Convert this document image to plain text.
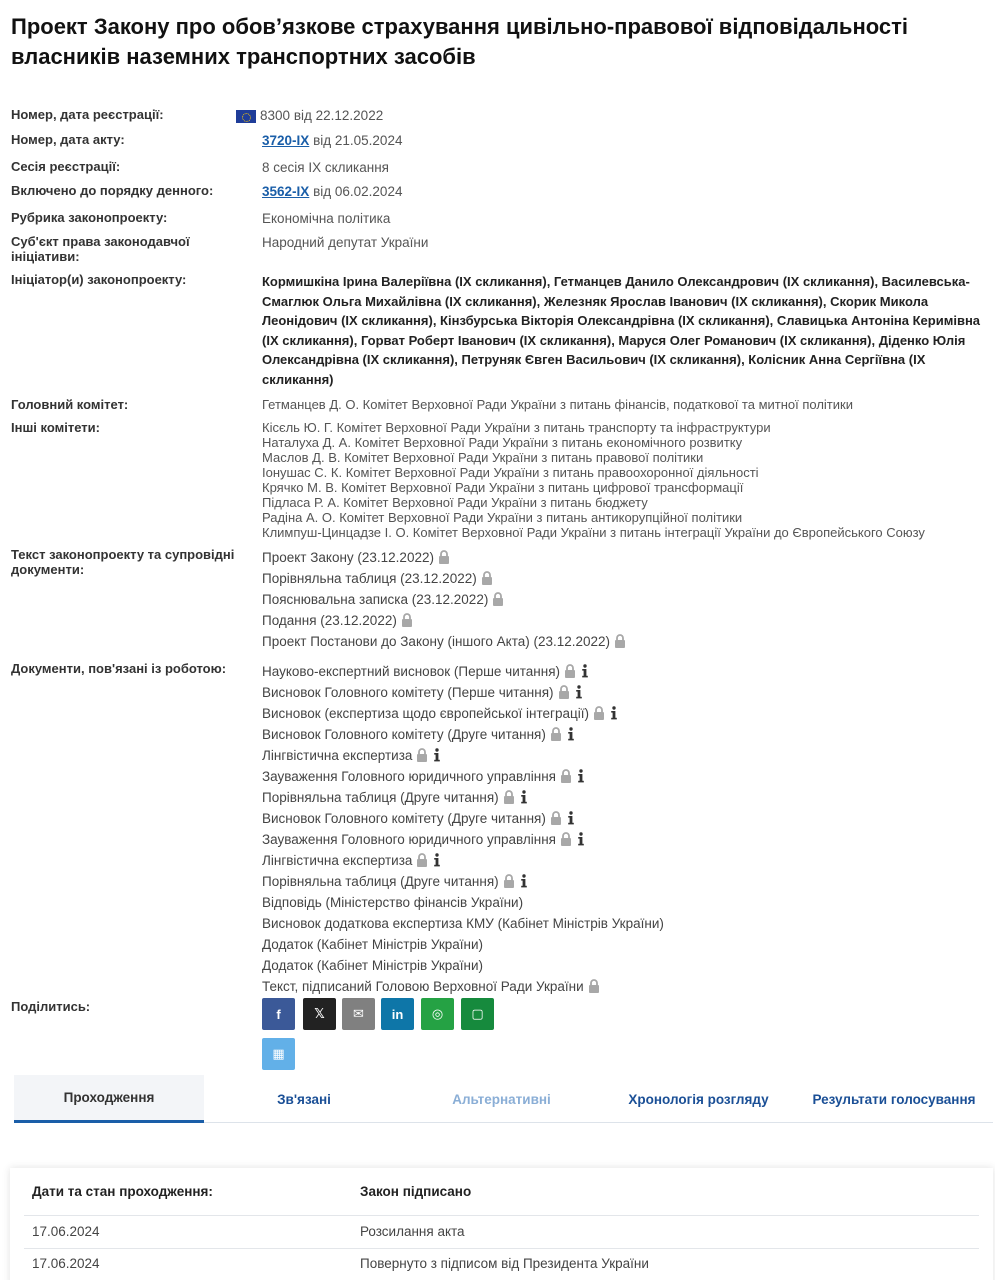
Проект Закону про обов’язкове страхування цивільно-правової відповідальності власників наземних транспортних засобів
Номер, дата реєстрації:	8300 від 22.12.2022
Номер, дата акту:	3720-IX від 21.05.2024
Сесія реєстрації:	8 сесія IX скликання
Включено до порядку денного:	3562-IX від 06.02.2024
Рубрика законопроекту:	Економічна політика
Суб'єкт права законодавчої ініціативи:
Народний депутат України
Ініціатор(и) законопроекту:	Кормишкіна Ірина Валеріївна (IX скликання), Гетманцев Данило Олександрович (IX скликання), Василевська-Смаглюк Ольга Михайлівна (IX скликання), Железняк Ярослав Іванович (IX скликання), Скорик Микола Леонідович (IX скликання), Кінзбурська Вікторія Олександрівна (IX скликання), Славицька Антоніна Керимівна (IX скликання), Горват Роберт Іванович (IX скликання), Маруся Олег Романович (IX скликання), Діденко Юлія Олександрівна (IX скликання), Петруняк Євген Васильович (IX скликання), Колісник Анна Сергіївна (IX скликання)
Головний комітет:	Гетманцев Д. О. Комітет Верховної Ради України з питань фінансів, податкової та митної політики
Інші комітети:	Кісєль Ю. Г. Комітет Верховної Ради України з питань транспорту та інфраструктури
Наталуха Д. А. Комітет Верховної Ради України з питань економічного розвитку
Маслов Д. В. Комітет Верховної Ради України з питань правової політики
Іонушас С. К. Комітет Верховної Ради України з питань правоохоронної діяльності
Крячко М. В. Комітет Верховної Ради України з питань цифрової трансформації
Підласа Р. А. Комітет Верховної Ради України з питань бюджету
Радіна А. О. Комітет Верховної Ради України з питань антикорупційної політики
Климпуш-Цинцадзе І. О. Комітет Верховної Ради України з питань інтеграції України до Європейського Союзу
Текст законопроекту та супровідні документи:
Проект Закону (23.12.2022)
Порівняльна таблиця (23.12.2022)
Пояснювальна записка (23.12.2022)
Подання (23.12.2022)
Проект Постанови до Закону (іншого Акта) (23.12.2022)
Документи, пов'язані із роботою:	Науково-експертний висновок (Перше читання)
Висновок Головного комітету (Перше читання)
Висновок (експертиза щодо європейської інтеграції)
Висновок Головного комітету (Друге читання)
Лінгвістична експертиза
Зауваження Головного юридичного управління
Порівняльна таблиця (Друге читання)
Висновок Головного комітету (Друге читання)
Зауваження Головного юридичного управління
Лінгвістична експертиза
Порівняльна таблиця (Друге читання)
Відповідь (Міністерство фінансів України)
Висновок додаткова експертиза КМУ (Кабінет Міністрів України)
Додаток (Кабінет Міністрів України)
Додаток (Кабінет Міністрів України)
Текст, підписаний Головою Верховної Ради України
Поділитись:	f	𝕏 ✉ in ◎ ▢
▦
Проходження	Зв'язані	Альтернативні	Хронологія розгляду	Результати голосування
Дати та стан проходження:	Закон підписано
17.06.2024	Розсилання акта
17.06.2024	Повернуто з підписом від Президента України
